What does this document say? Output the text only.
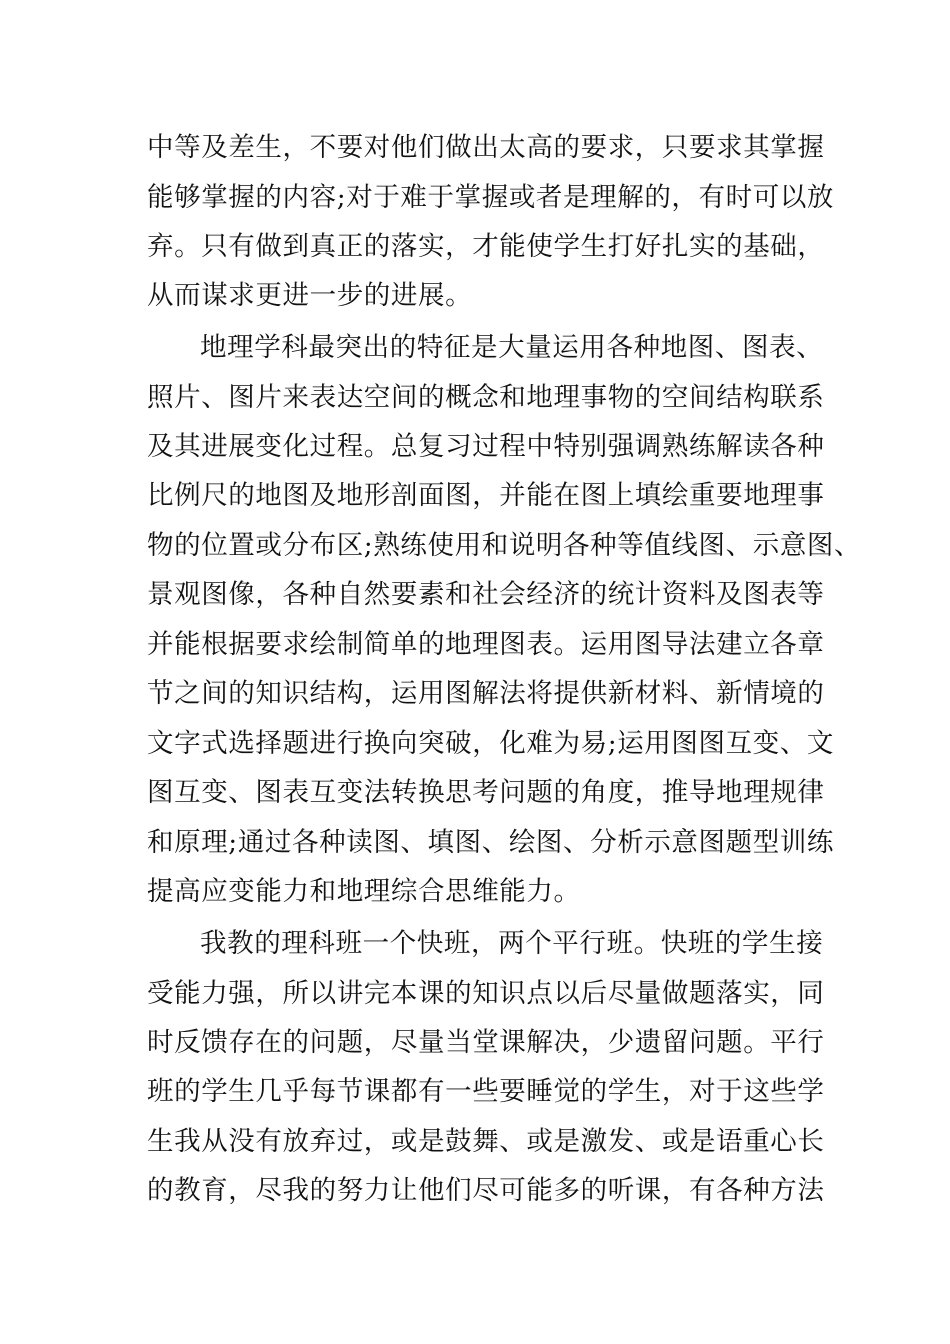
中等及差生，不要对他们做出太高的要求，只要求其掌握
能够掌握的内容;对于难于掌握或者是理解的，有时可以放
弃。只有做到真正的落实，才能使学生打好扎实的基础，
从而谋求更进一步的进展。
地理学科最突出的特征是大量运用各种地图、图表、
照片、图片来表达空间的概念和地理事物的空间结构联系
及其进展变化过程。总复习过程中特别强调熟练解读各种
比例尺的地图及地形剖面图，并能在图上填绘重要地理事
物的位置或分布区;熟练使用和说明各种等值线图、示意图、
景观图像，各种自然要素和社会经济的统计资料及图表等
并能根据要求绘制简单的地理图表。运用图导法建立各章
节之间的知识结构，运用图解法将提供新材料、新情境的
文字式选择题进行换向突破，化难为易;运用图图互变、文
图互变、图表互变法转换思考问题的角度，推导地理规律
和原理;通过各种读图、填图、绘图、分析示意图题型训练
提高应变能力和地理综合思维能力。
我教的理科班一个快班，两个平行班。快班的学生接
受能力强，所以讲完本课的知识点以后尽量做题落实，同
时反馈存在的问题，尽量当堂课解决，少遗留问题。平行
班的学生几乎每节课都有一些要睡觉的学生，对于这些学
生我从没有放弃过，或是鼓舞、或是激发、或是语重心长
的教育，尽我的努力让他们尽可能多的听课，有各种方法
